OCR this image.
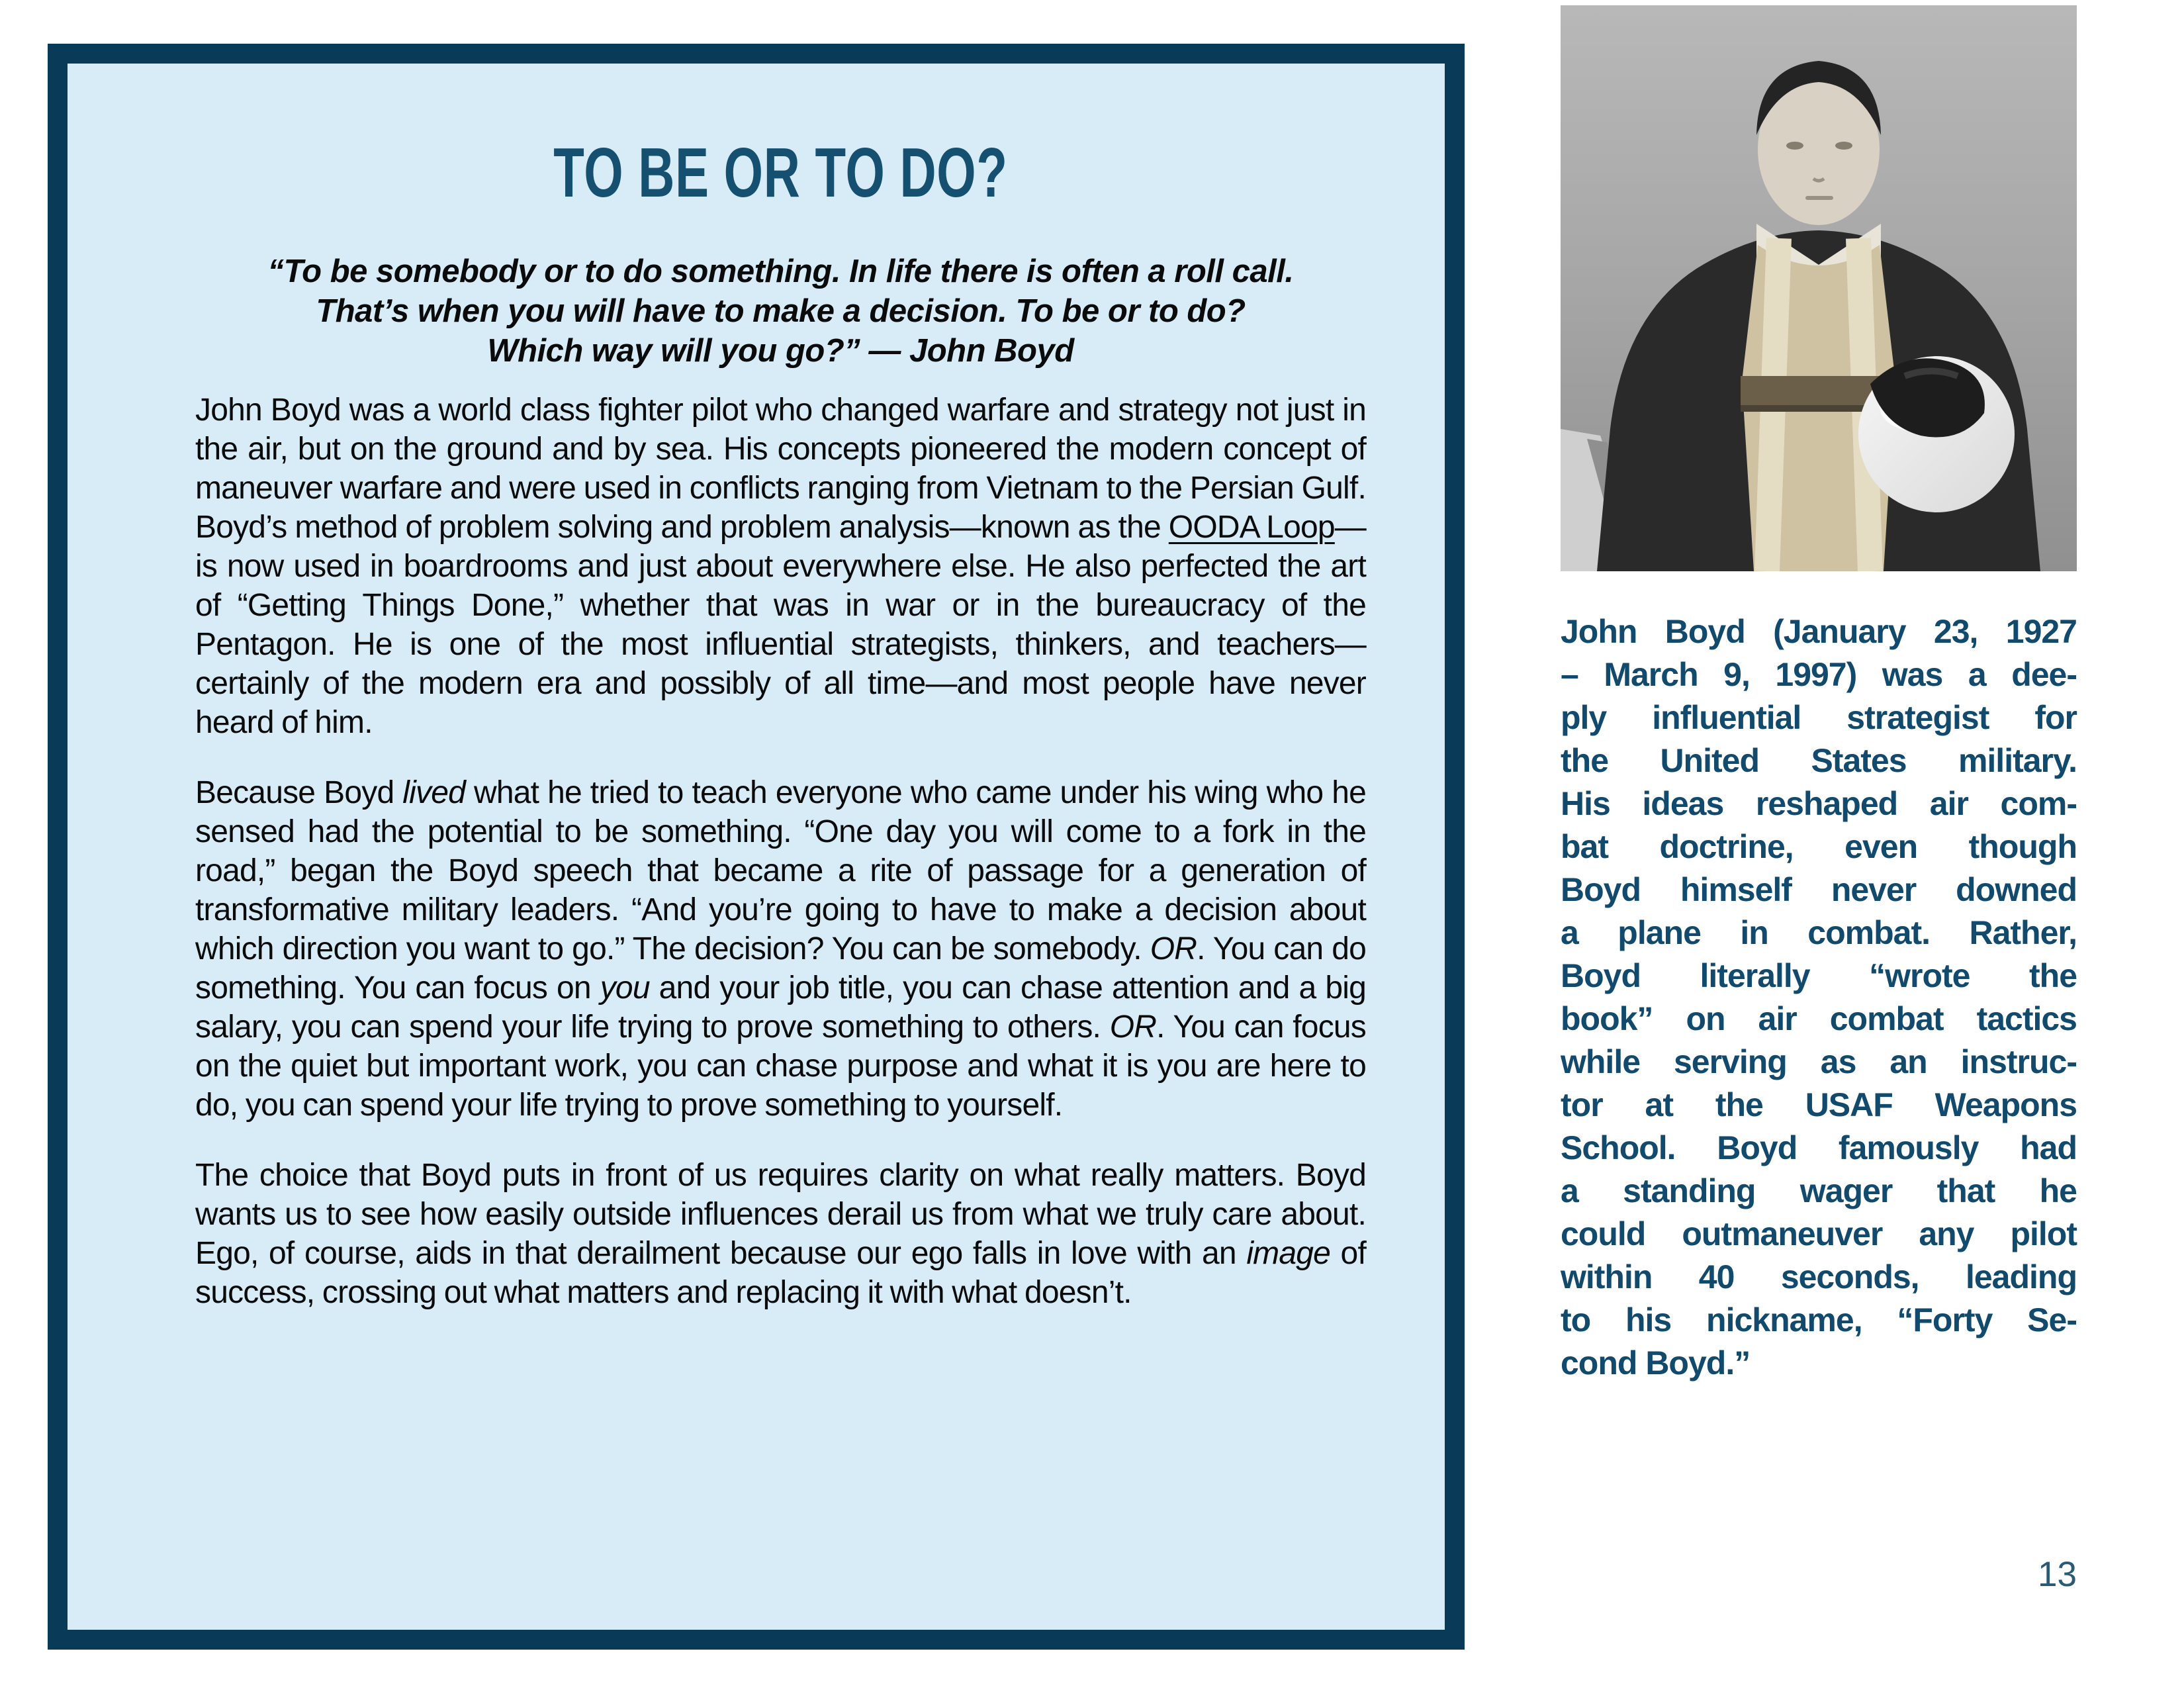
TO BE OR TO DO?
“To be somebody or to do something. In life there is often a roll call.
That’s when you will have to make a decision. To be or to do?
Which way will you go?” — John Boyd

John Boyd was a world class fighter pilot who changed warfare and strategy not just in the air, but on the ground and by sea. His concepts pioneered the modern concept of maneuver warfare and were used in conflicts ranging from Vietnam to the Persian Gulf. Boyd’s method of problem solving and problem analysis—known as the OODA Loop—is now used in boardrooms and just about everywhere else. He also perfected the art of “Getting Things Done,” whether that was in war or in the bureaucracy of the Pentagon. He is one of the most influential strategists, thinkers, and teachers—certainly of the modern era and possibly of all time—and most people have never heard of him.

Because Boyd lived what he tried to teach everyone who came under his wing who he sensed had the potential to be something. “One day you will come to a fork in the road,” began the Boyd speech that became a rite of passage for a generation of transformative military leaders. “And you’re going to have to make a decision about which direction you want to go.” The decision? You can be somebody. OR. You can do something. You can focus on you and your job title, you can chase attention and a big salary, you can spend your life trying to prove something to others. OR. You can focus on the quiet but important work, you can chase purpose and what it is you are here to do, you can spend your life trying to prove something to yourself.

The choice that Boyd puts in front of us requires clarity on what really matters. Boyd wants us to see how easily outside influences derail us from what we truly care about. Ego, of course, aids in that derailment because our ego falls in love with an image of success, crossing out what matters and replacing it with what doesn’t.

John Boyd (January 23, 1927
– March 9, 1997) was a dee-
ply influential strategist for
the United States military.
His ideas reshaped air com-
bat doctrine, even though
Boyd himself never downed
a plane in combat. Rather,
Boyd literally “wrote the
book” on air combat tactics
while serving as an instruc-
tor at the USAF Weapons
School. Boyd famously had
a standing wager that he
could outmaneuver any pilot
within 40 seconds, leading
to his nickname, “Forty Se-
cond Boyd.”
13
